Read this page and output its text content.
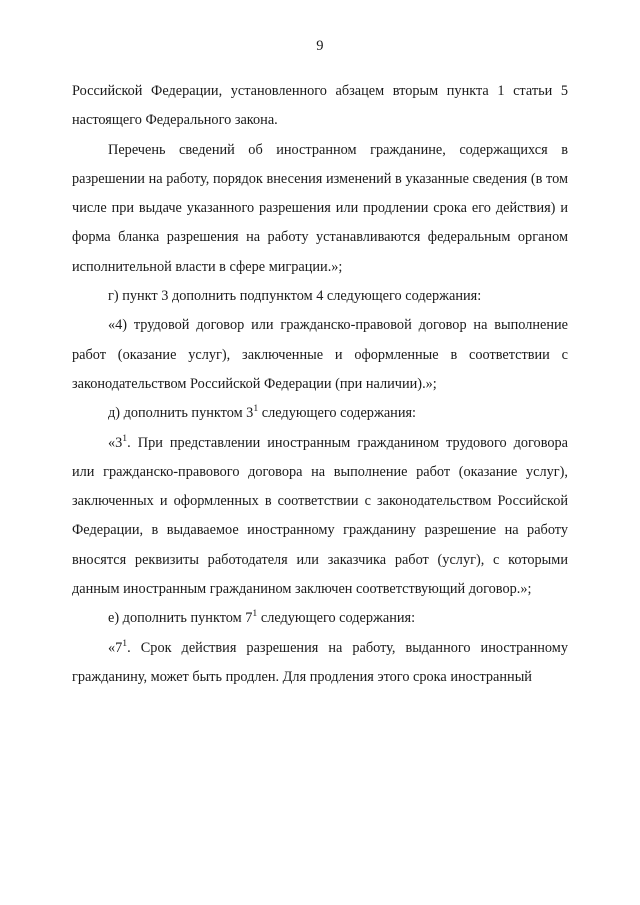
9

Российской Федерации, установленного абзацем вторым пункта 1 статьи 5 настоящего Федерального закона.

Перечень сведений об иностранном гражданине, содержащихся в разрешении на работу, порядок внесения изменений в указанные сведения (в том числе при выдаче указанного разрешения или продлении срока его действия) и форма бланка разрешения на работу устанавливаются федеральным органом исполнительной власти в сфере миграции.»;

г) пункт 3 дополнить подпунктом 4 следующего содержания:

«4) трудовой договор или гражданско-правовой договор на выполнение работ (оказание услуг), заключенные и оформленные в соответствии с законодательством Российской Федерации (при наличии).»;

д) дополнить пунктом $3^1$ следующего содержания:

«$3^1$. При представлении иностранным гражданином трудового договора или гражданско-правового договора на выполнение работ (оказание услуг), заключенных и оформленных в соответствии с законодательством Российской Федерации, в выдаваемое иностранному гражданину разрешение на работу вносятся реквизиты работодателя или заказчика работ (услуг), с которыми данным иностранным гражданином заключен соответствующий договор.»;

е) дополнить пунктом $7^1$ следующего содержания:

«$7^1$. Срок действия разрешения на работу, выданного иностранному гражданину, может быть продлен. Для продления этого срока иностранный
